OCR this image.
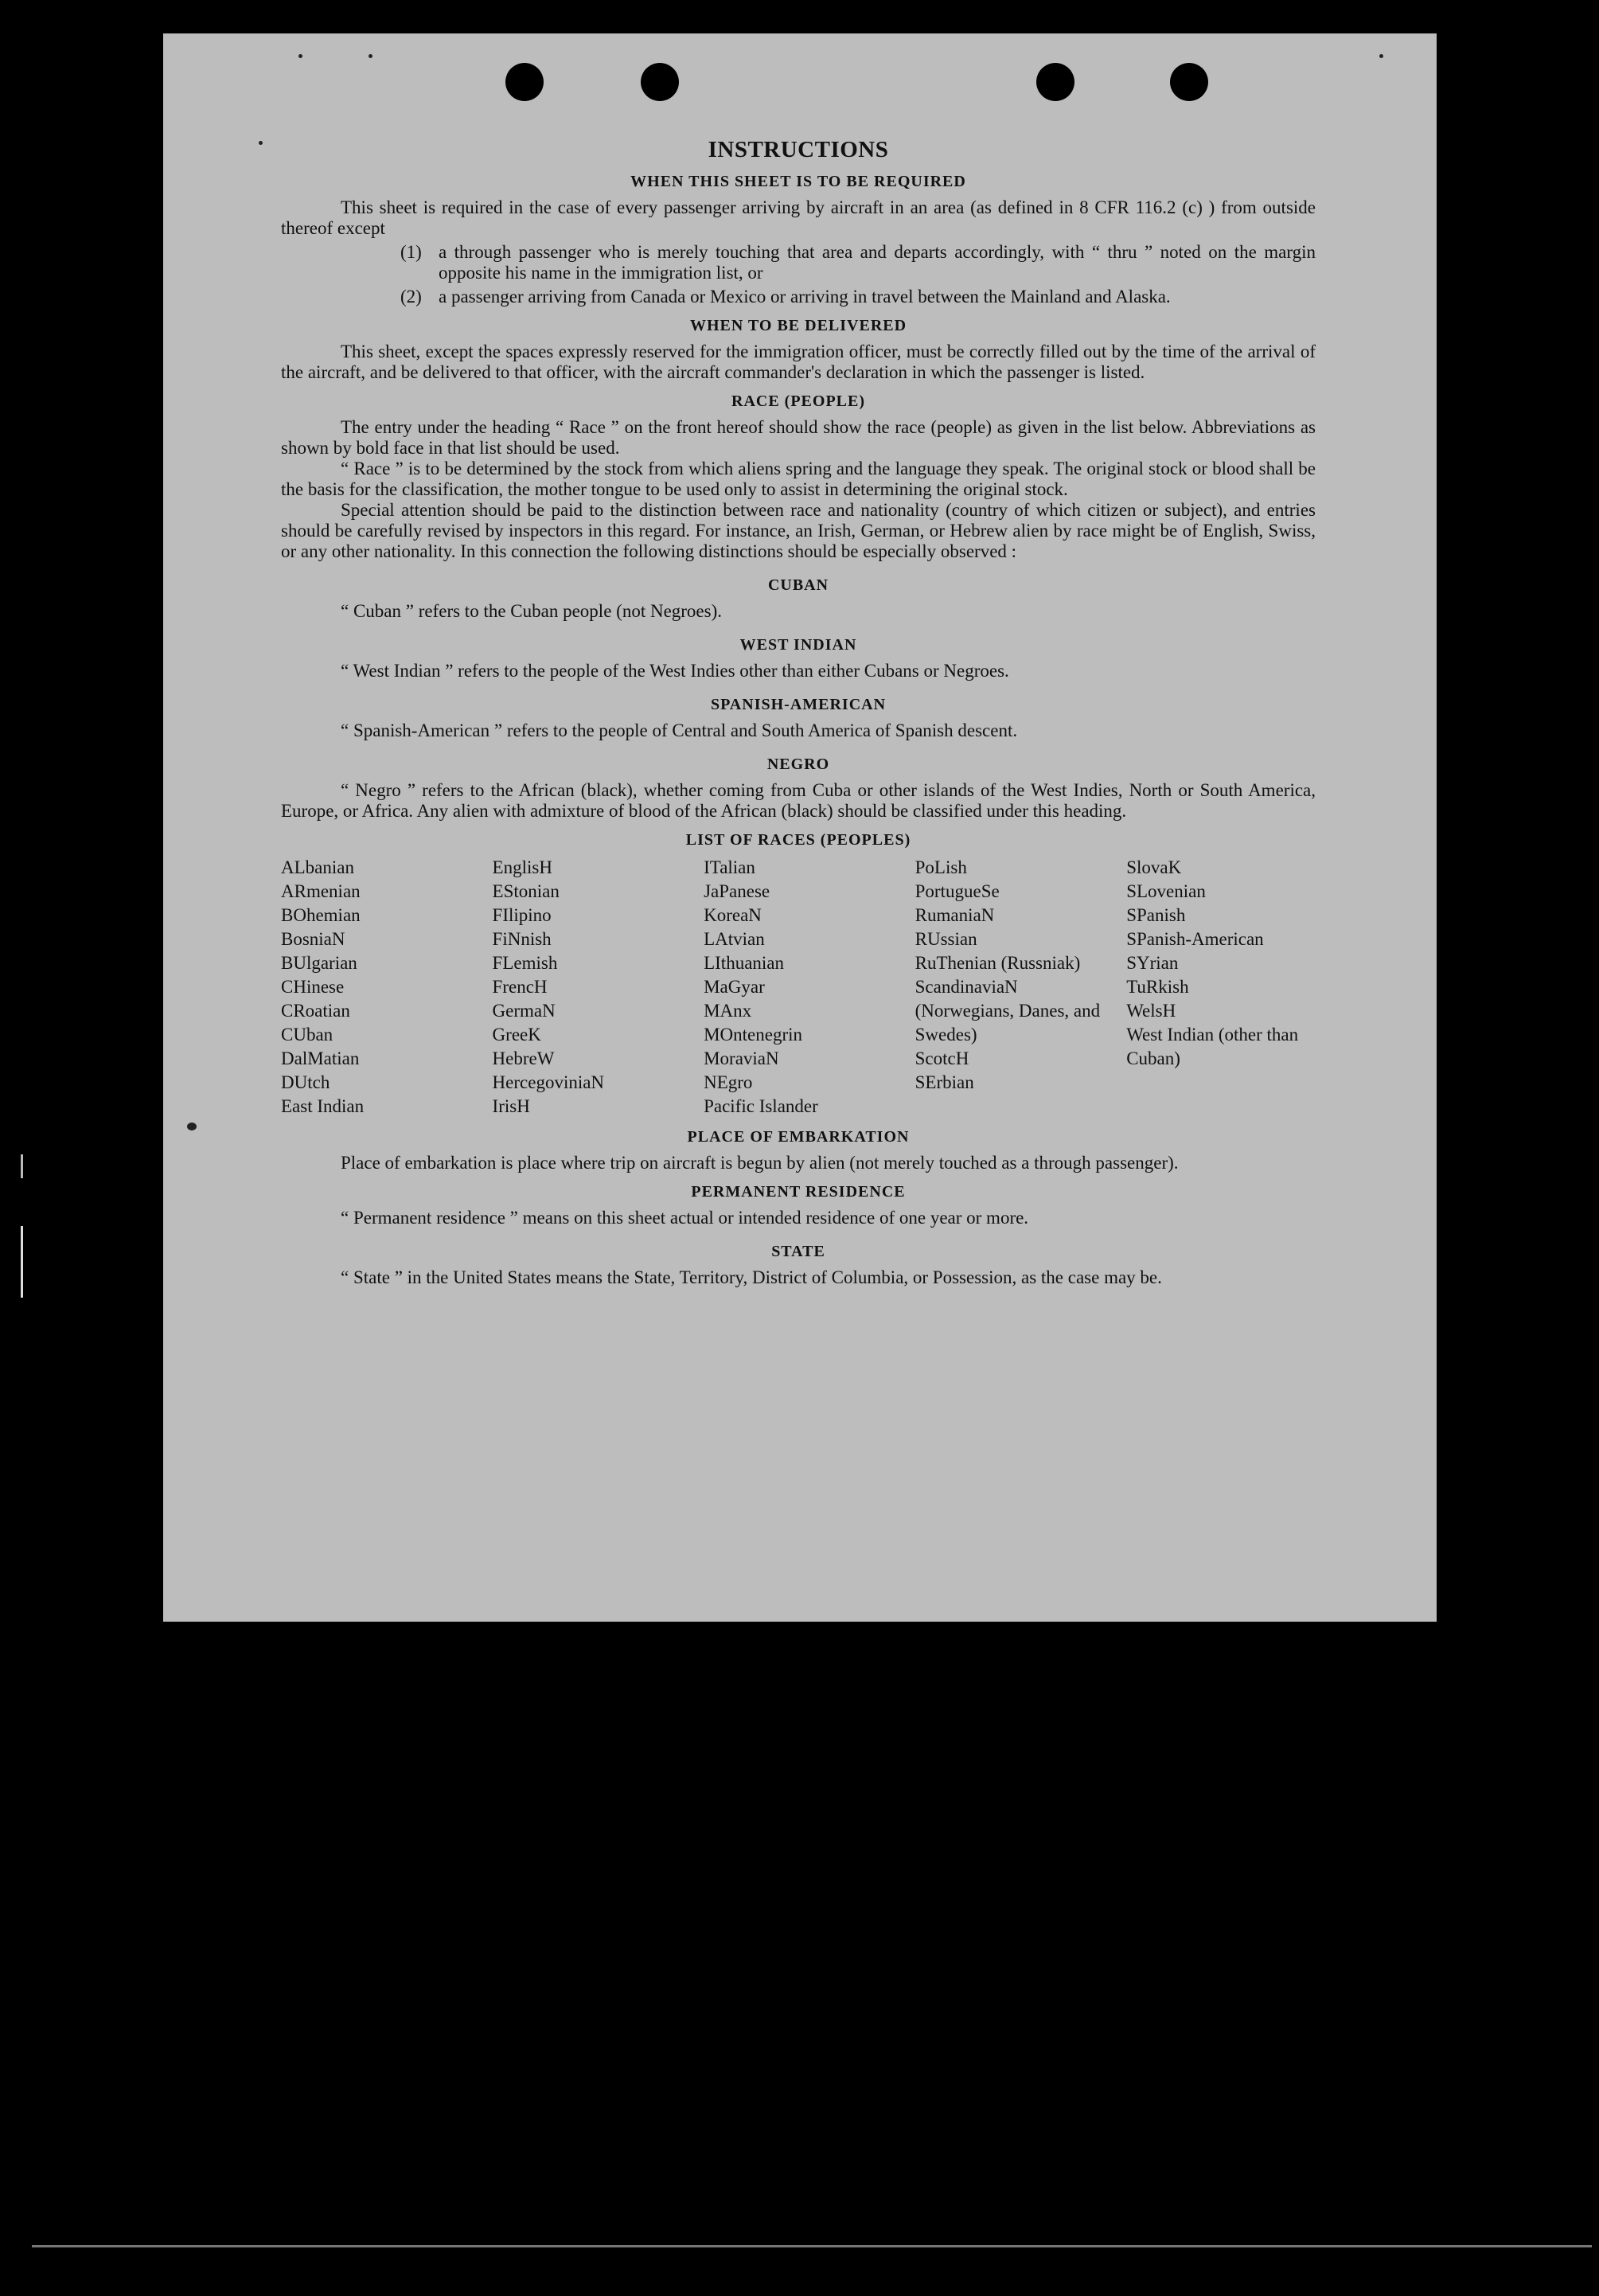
INSTRUCTIONS
WHEN THIS SHEET IS TO BE REQUIRED

This sheet is required in the case of every passenger arriving by aircraft in an area (as defined in 8 CFR 116.2 (c) ) from outside thereof except

(1) a through passenger who is merely touching that area and departs accordingly, with “ thru ” noted on the margin opposite his name in the immigration list, or
(2) a passenger arriving from Canada or Mexico or arriving in travel between the Mainland and Alaska.
WHEN TO BE DELIVERED

This sheet, except the spaces expressly reserved for the immigration officer, must be correctly filled out by the time of the arrival of the aircraft, and be delivered to that officer, with the aircraft commander's declaration in which the passenger is listed.

RACE (PEOPLE)

The entry under the heading “ Race ” on the front hereof should show the race (people) as given in the list below. Abbreviations as shown by bold face in that list should be used.

“ Race ” is to be determined by the stock from which aliens spring and the language they speak. The original stock or blood shall be the basis for the classification, the mother tongue to be used only to assist in determining the original stock.

Special attention should be paid to the distinction between race and nationality (country of which citizen or subject), and entries should be carefully revised by inspectors in this regard. For instance, an Irish, German, or Hebrew alien by race might be of English, Swiss, or any other nationality. In this connection the following distinctions should be especially observed :

CUBAN

“ Cuban ” refers to the Cuban people (not Negroes).

WEST INDIAN

“ West Indian ” refers to the people of the West Indies other than either Cubans or Negroes.

SPANISH-AMERICAN

“ Spanish-American ” refers to the people of Central and South America of Spanish descent.

NEGRO

“ Negro ” refers to the African (black), whether coming from Cuba or other islands of the West Indies, North or South America, Europe, or Africa. Any alien with admixture of blood of the African (black) should be classified under this heading.

LIST OF RACES (PEOPLES)
ALbanian
ARmenian
BOhemian
BosniaN
BUlgarian
CHinese
CRoatian
CUban
DalMatian
DUtch
East Indian
EnglisH
EStonian
FIlipino
FiNnish
FLemish
FrencH
GermaN
GreeK
HebreW
HercegoviniaN
IrisH
ITalian
JaPanese
KoreaN
LAtvian
LIthuanian
MaGyar
MAnx
MOntenegrin
MoraviaN
NEgro
Pacific Islander
PoLish
PortugueSe
RumaniaN
RUssian
RuThenian (Russniak)
ScandinaviaN (Norwegians, Danes, and Swedes)
ScotcH
SErbian
SlovaK
SLovenian
SPanish
SPanish-American
SYrian
TuRkish
WelsH
West Indian (other than Cuban)
PLACE OF EMBARKATION

Place of embarkation is place where trip on aircraft is begun by alien (not merely touched as a through passenger).

PERMANENT RESIDENCE

“ Permanent residence ” means on this sheet actual or intended residence of one year or more.

STATE

“ State ” in the United States means the State, Territory, District of Columbia, or Possession, as the case may be.
